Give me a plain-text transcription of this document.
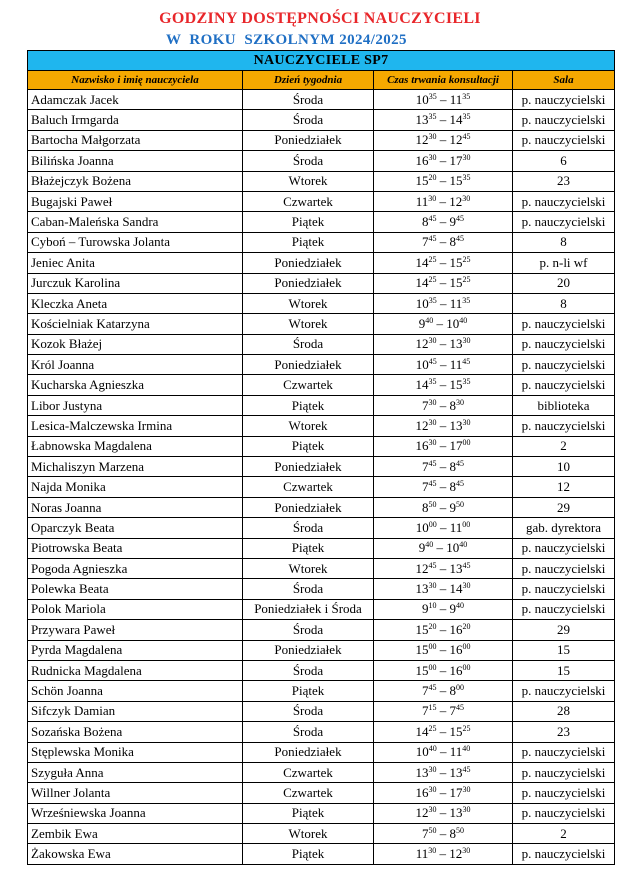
GODZINY DOSTĘPNOŚCI NAUCZYCIELI
W  ROKU  SZKOLNYM 2024/2025
NAUCZYCIELE SP7			
Nazwisko i imię nauczyciela	Dzień tygodnia	Czas trwania konsultacji	Sala
Adamczak Jacek	Środa	$10^{35} - 11^{35}$	p. nauczycielski
Baluch Irmgarda	Środa	$13^{35} - 14^{35}$	p. nauczycielski
Bartocha Małgorzata	Poniedziałek	$12^{30} - 12^{45}$	p. nauczycielski
Bilińska Joanna	Środa	$16^{30} - 17^{30}$	6
Błażejczyk Bożena	Wtorek	$15^{20} - 15^{35}$	23
Bugajski Paweł	Czwartek	$11^{30} - 12^{30}$	p. nauczycielski
Caban-Maleńska Sandra	Piątek	$8^{45} - 9^{45}$	p. nauczycielski
Cyboń – Turowska Jolanta	Piątek	$7^{45} - 8^{45}$	8
Jeniec Anita	Poniedziałek	$14^{25} - 15^{25}$	p. n-li wf
Jurczuk Karolina	Poniedziałek	$14^{25} - 15^{25}$	20
Kleczka Aneta	Wtorek	$10^{35} - 11^{35}$	8
Kościelniak Katarzyna	Wtorek	$9^{40} - 10^{40}$	p. nauczycielski
Kozok Błażej	Środa	$12^{30} - 13^{30}$	p. nauczycielski
Król Joanna	Poniedziałek	$10^{45} - 11^{45}$	p. nauczycielski
Kucharska Agnieszka	Czwartek	$14^{35} - 15^{35}$	p. nauczycielski
Libor Justyna	Piątek	$7^{30} - 8^{30}$	biblioteka
Lesica-Malczewska Irmina	Wtorek	$12^{30} - 13^{30}$	p. nauczycielski
Łabnowska Magdalena	Piątek	$16^{30} - 17^{00}$	2
Michaliszyn Marzena	Poniedziałek	$7^{45} - 8^{45}$	10
Najda Monika	Czwartek	$7^{45} - 8^{45}$	12
Noras Joanna	Poniedziałek	$8^{50} - 9^{50}$	29
Oparczyk Beata	Środa	$10^{00} - 11^{00}$	gab. dyrektora
Piotrowska Beata	Piątek	$9^{40} - 10^{40}$	p. nauczycielski
Pogoda Agnieszka	Wtorek	$12^{45} - 13^{45}$	p. nauczycielski
Polewka Beata	Środa	$13^{30} - 14^{30}$	p. nauczycielski
Polok Mariola	Poniedziałek i Środa	$9^{10} - 9^{40}$	p. nauczycielski
Przywara Paweł	Środa	$15^{20} - 16^{20}$	29
Pyrda Magdalena	Poniedziałek	$15^{00} - 16^{00}$	15
Rudnicka Magdalena	Środa	$15^{00} - 16^{00}$	15
Schön Joanna	Piątek	$7^{45} - 8^{00}$	p. nauczycielski
Sifczyk Damian	Środa	$7^{15} - 7^{45}$	28
Sozańska Bożena	Środa	$14^{25} - 15^{25}$	23
Stęplewska Monika	Poniedziałek	$10^{40} - 11^{40}$	p. nauczycielski
Szyguła Anna	Czwartek	$13^{30} - 13^{45}$	p. nauczycielski
Willner Jolanta	Czwartek	$16^{30} - 17^{30}$	p. nauczycielski
Wrześniewska Joanna	Piątek	$12^{30} - 13^{30}$	p. nauczycielski
Zembik Ewa	Wtorek	$7^{50} - 8^{50}$	2
Żakowska Ewa	Piątek	$11^{30} - 12^{30}$	p. nauczycielski
